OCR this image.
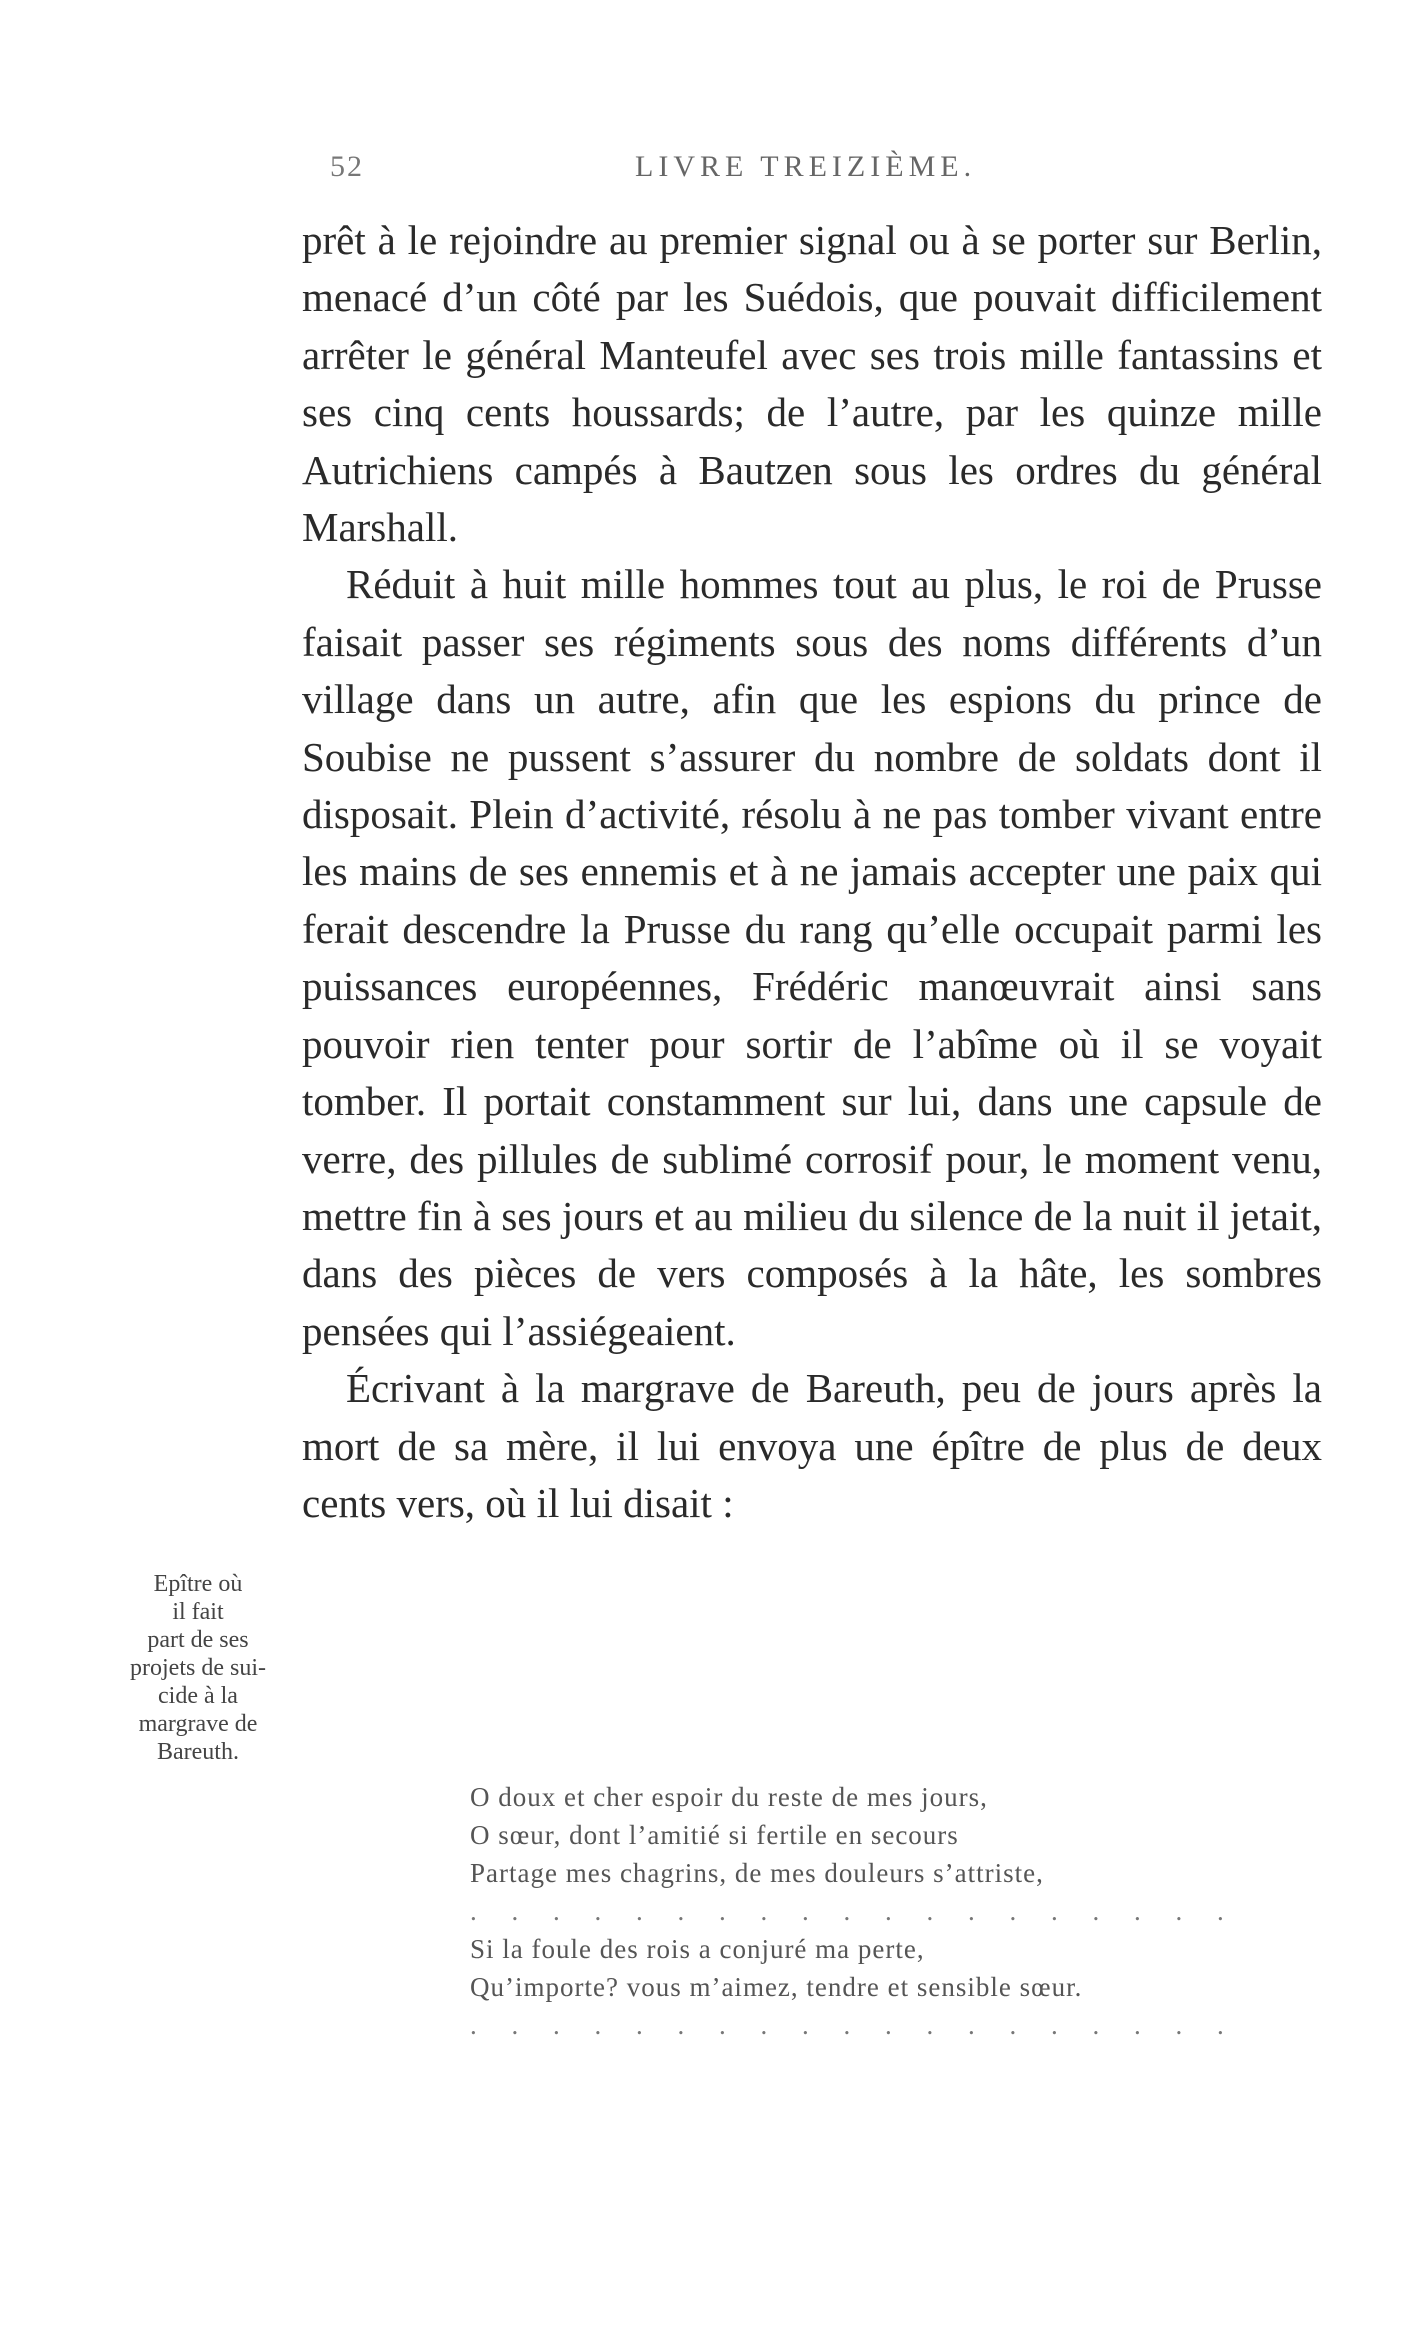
52	LIVRE TREIZIÈME.

prêt à le rejoindre au premier signal ou à se porter sur Berlin, menacé d’un côté par les Suédois, que pouvait difficilement arrêter le général Manteufel avec ses trois mille fantassins et ses cinq cents houssards; de l’autre, par les quinze mille Autrichiens campés à Bautzen sous les ordres du général Marshall.

Réduit à huit mille hommes tout au plus, le roi de Prusse faisait passer ses régiments sous des noms différents d’un village dans un autre, afin que les espions du prince de Soubise ne pussent s’assurer du nombre de soldats dont il disposait. Plein d’activité, résolu à ne pas tomber vivant entre les mains de ses ennemis et à ne jamais accepter une paix qui ferait descendre la Prusse du rang qu’elle occupait parmi les puissances européennes, Frédéric manœuvrait ainsi sans pouvoir rien tenter pour sortir de l’abîme où il se voyait tomber. Il portait constamment sur lui, dans une capsule de verre, des pillules de sublimé corrosif pour, le moment venu, mettre fin à ses jours et au milieu du silence de la nuit il jetait, dans des pièces de vers composés à la hâte, les sombres pensées qui l’assiégeaient.

Écrivant à la margrave de Bareuth, peu de jours après la mort de sa mère, il lui envoya une épître de plus de deux cents vers, où il lui disait :

Epître où
il fait
part de ses
projets de sui-
cide à la
margrave de
Bareuth.
O doux et cher espoir du reste de mes jours,
O sœur, dont l’amitié si fertile en secours
Partage mes chagrins, de mes douleurs s’attriste,
. . . . . . . . . . . . . . . . . . .
Si la foule des rois a conjuré ma perte,
Qu’importe? vous m’aimez, tendre et sensible sœur.
. . . . . . . . . . . . . . . . . . .
